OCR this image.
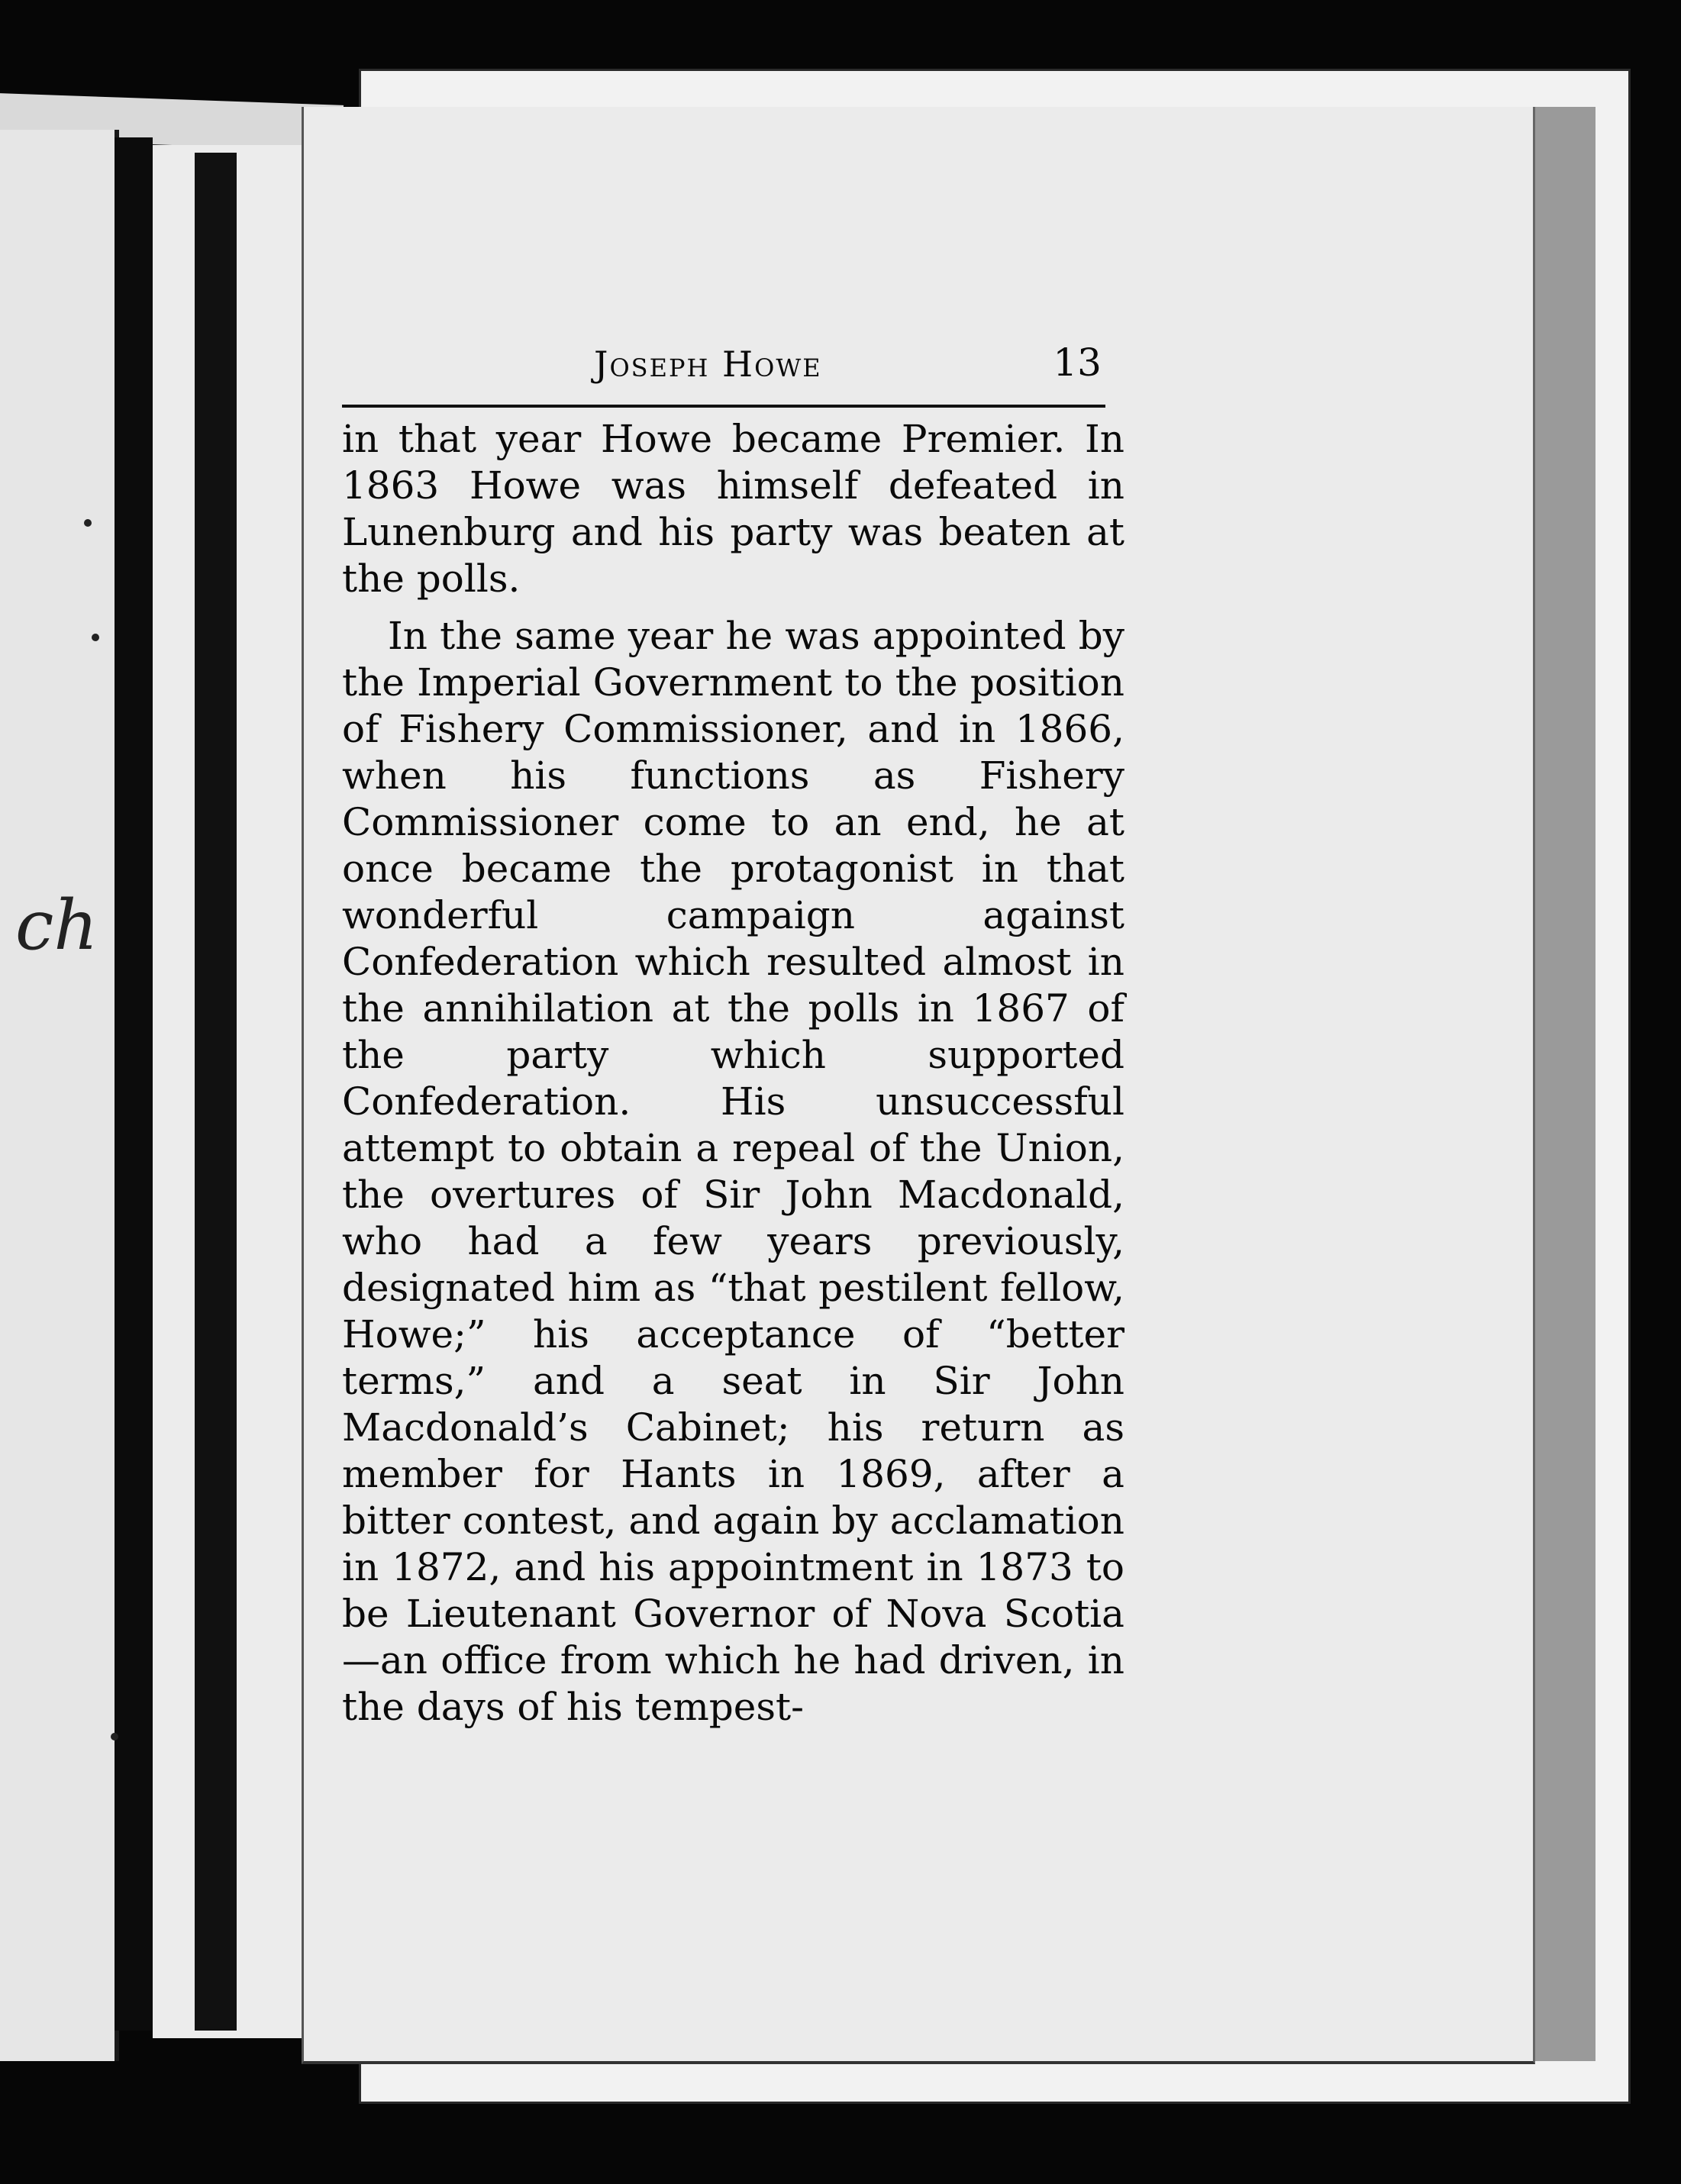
ch
Joseph Howe	13

in that year Howe became Premier. In 1863 Howe was himself defeated in Lunenburg and his party was beaten at the polls.

In the same year he was appointed by the Imperial Government to the position of Fishery Commissioner, and in 1866, when his functions as Fishery Commissioner come to an end, he at once became the protagonist in that wonderful campaign against Confederation which resulted almost in the annihilation at the polls in 1867 of the party which supported Confederation. His unsuccessful attempt to obtain a repeal of the Union, the overtures of Sir John Macdonald, who had a few years previously, designated him as “that pestilent fellow, Howe;” his acceptance of “better terms,” and a seat in Sir John Macdonald’s Cabinet; his return as member for Hants in 1869, after a bitter contest, and again by acclamation in 1872, and his appointment in 1873 to be Lieutenant Governor of Nova Scotia—an office from which he had driven, in the days of his tempest-
